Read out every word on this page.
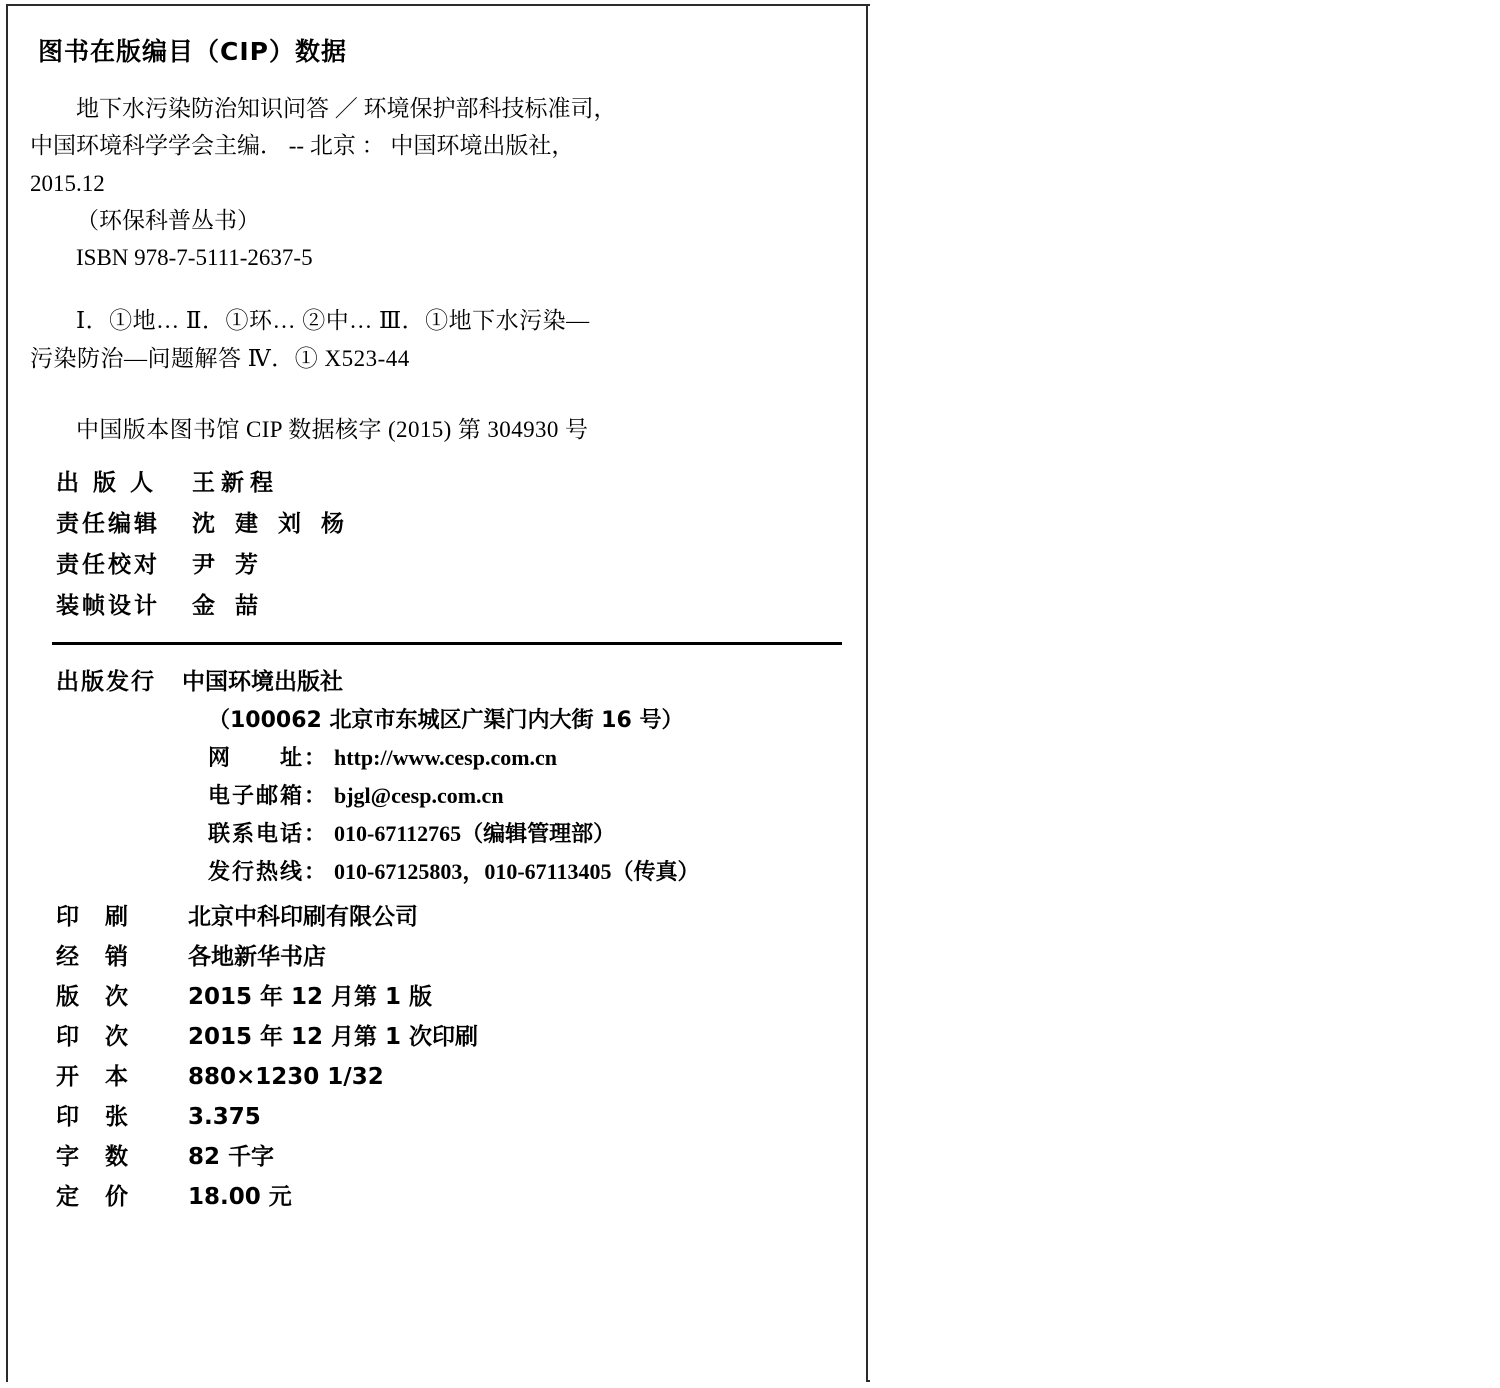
图书在版编目（CIP）数据
地下水污染防治知识问答 ／ 环境保护部科技标准司，
中国环境科学学会主编． -- 北京 ： 中国环境出版社，
2015.12
（环保科普丛书）
ISBN 978-7-5111-2637-5
Ⅰ．①地… Ⅱ．①环… ②中… Ⅲ．①地下水污染—
污染防治—问题解答 Ⅳ．① X523-44
中国版本图书馆 CIP 数据核字 (2015) 第 304930 号
出 版 人	王新程
责任编辑	沈 建 刘 杨
责任校对	尹 芳
装帧设计	金 喆
出版发行	中国环境出版社
（100062 北京市东城区广渠门内大街 16 号）
网　　址： http://www.cesp.com.cn
电子邮箱： bjgl@cesp.com.cn
联系电话： 010-67112765（编辑管理部）
发行热线： 010-67125803，010-67113405（传真）
印刷	北京中科印刷有限公司
经销	各地新华书店
版次	2015 年 12 月第 1 版
印次	2015 年 12 月第 1 次印刷
开本	880×1230 1/32
印张	3.375
字数	82 千字
定价	18.00 元
